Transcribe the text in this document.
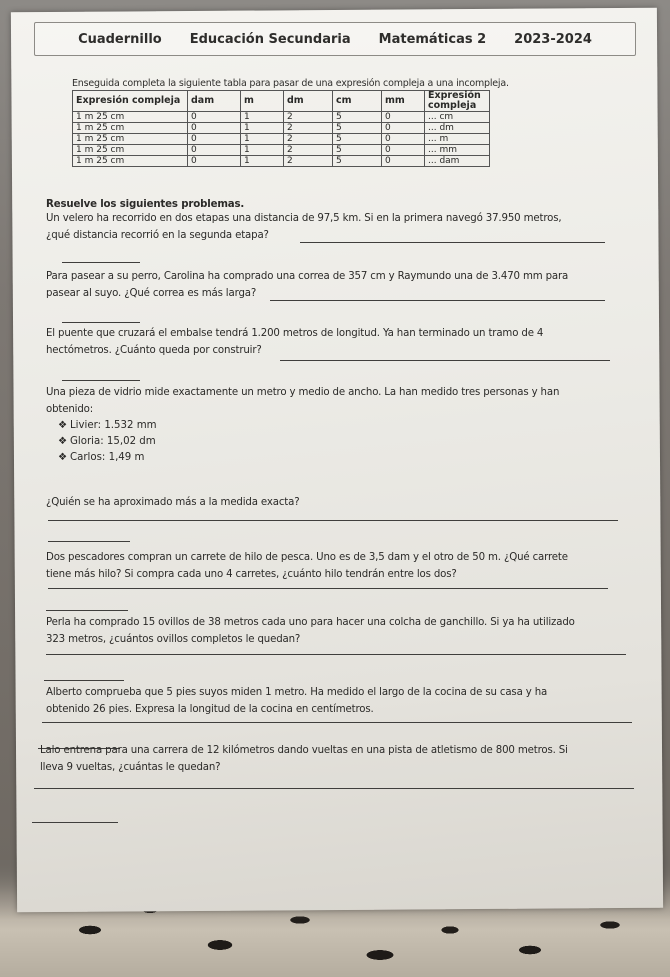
Cuadernillo Educación Secundaria Matemáticas 2 2023-2024
Enseguida completa la siguiente tabla para pasar de una expresión compleja a una incompleja.
Expresión compleja	dam	m	dm	cm	mm	Expresión compleja
1 m 25 cm	0	1	2	5	0	... cm
1 m 25 cm	0	1	2	5	0	... dm
1 m 25 cm	0	1	2	5	0	... m
1 m 25 cm	0	1	2	5	0	... mm
1 m 25 cm	0	1	2	5	0	... dam
Resuelve los siguientes problemas.
Un velero ha recorrido en dos etapas una distancia de 97,5 km. Si en la primera navegó 37.950 metros,
¿qué distancia recorrió en la segunda etapa?
Para pasear a su perro, Carolina ha comprado una correa de 357 cm y Raymundo una de 3.470 mm para
pasear al suyo. ¿Qué correa es más larga?
El puente que cruzará el embalse tendrá 1.200 metros de longitud. Ya han terminado un tramo de 4
hectómetros. ¿Cuánto queda por construir?
Una pieza de vidrio mide exactamente un metro y medio de ancho. La han medido tres personas y han
obtenido:
❖ Livier: 1.532 mm
❖ Gloria: 15,02 dm
❖ Carlos: 1,49 m
¿Quién se ha aproximado más a la medida exacta?
Dos pescadores compran un carrete de hilo de pesca. Uno es de 3,5 dam y el otro de 50 m. ¿Qué carrete
tiene más hilo? Si compra cada uno 4 carretes, ¿cuánto hilo tendrán entre los dos?
Perla ha comprado 15 ovillos de 38 metros cada uno para hacer una colcha de ganchillo. Si ya ha utilizado
323 metros, ¿cuántos ovillos completos le quedan?
Alberto comprueba que 5 pies suyos miden 1 metro. Ha medido el largo de la cocina de su casa y ha
obtenido 26 pies. Expresa la longitud de la cocina en centímetros.
Lalo entrena para una carrera de 12 kilómetros dando vueltas en una pista de atletismo de 800 metros. Si
lleva 9 vueltas, ¿cuántas le quedan?
